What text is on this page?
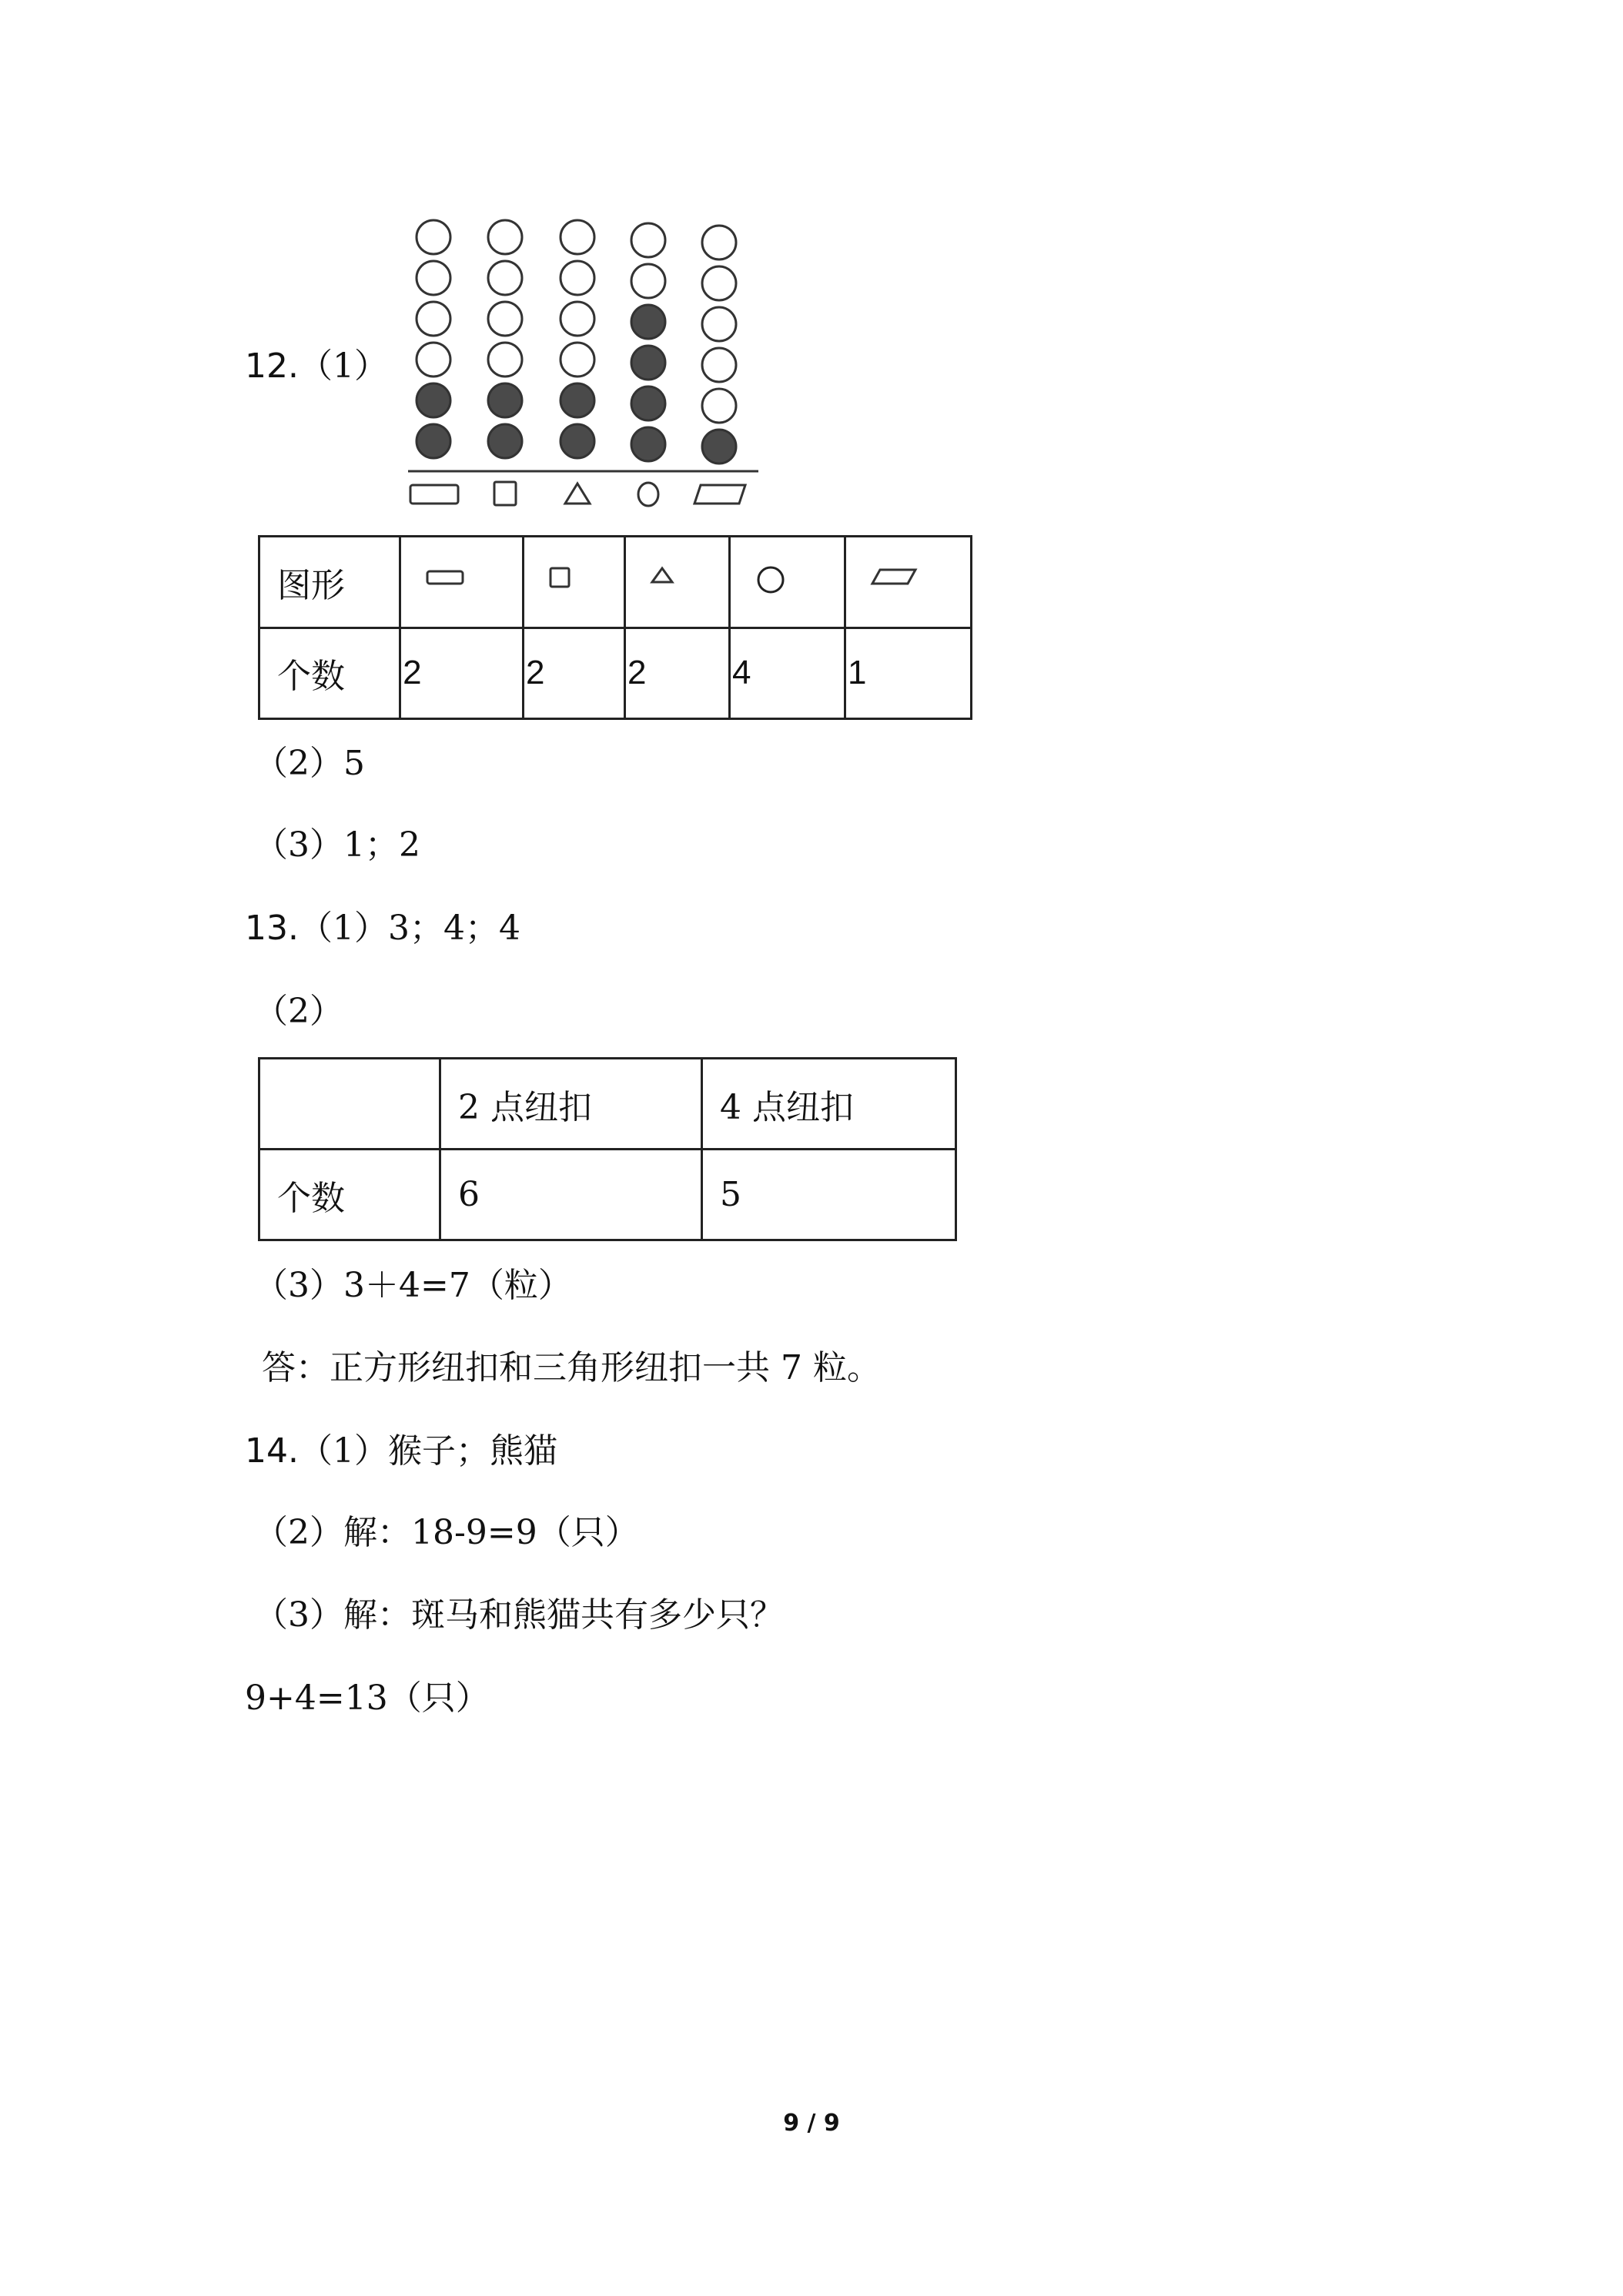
12.（1）
图形					
个数	2	2	2	4	1
（2）5
（3）1；2
13.（1）3；4；4
（2）
	2 点纽扣	4 点纽扣
个数	6	5
（3）3＋4=7（粒）
答：正方形纽扣和三角形纽扣一共 7 粒。
14.（1）猴子；熊猫
（2）解：18-9=9（只）
（3）解：斑马和熊猫共有多少只？
9+4=13（只）
9 / 9
